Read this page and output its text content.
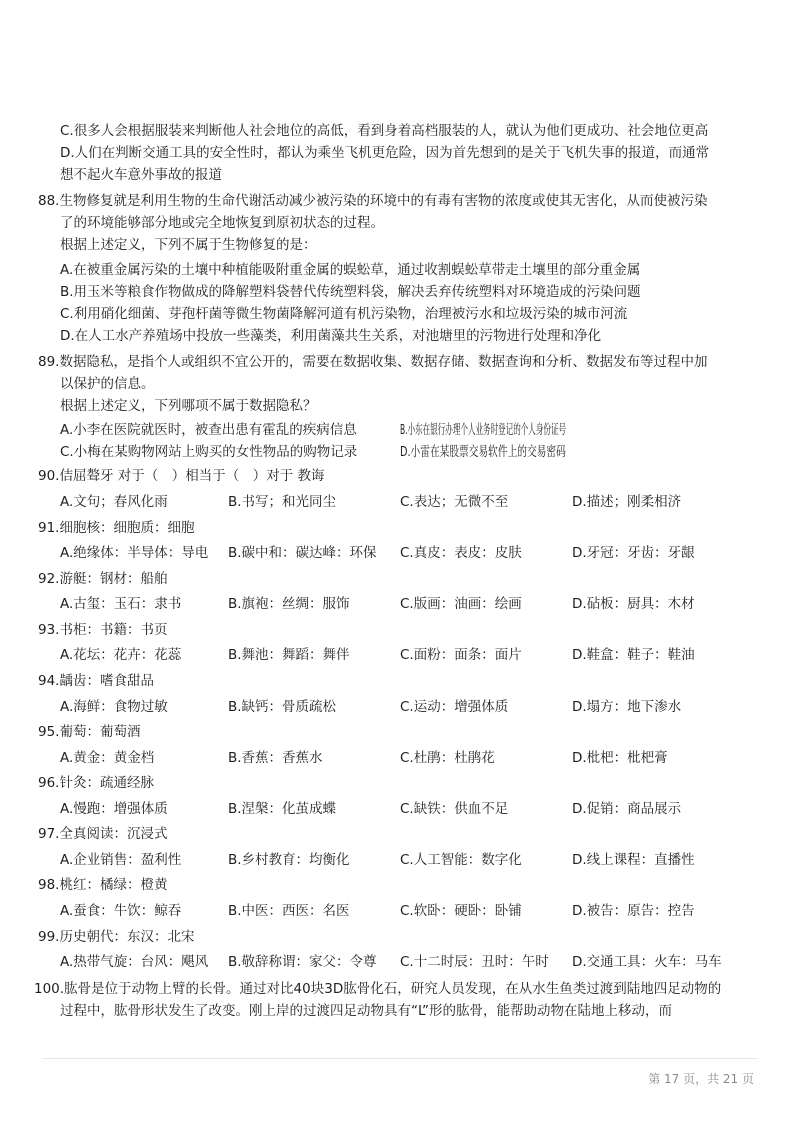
C.很多人会根据服装来判断他人社会地位的高低，看到身着高档服装的人，就认为他们更成功、社会地位更高
D.人们在判断交通工具的安全性时，都认为乘坐飞机更危险，因为首先想到的是关于飞机失事的报道，而通常
想不起火车意外事故的报道
88.生物修复就是利用生物的生命代谢活动减少被污染的环境中的有毒有害物的浓度或使其无害化，从而使被污染
了的环境能够部分地或完全地恢复到原初状态的过程。
根据上述定义，下列不属于生物修复的是：
A.在被重金属污染的土壤中种植能吸附重金属的蜈蚣草，通过收割蜈蚣草带走土壤里的部分重金属
B.用玉米等粮食作物做成的降解塑料袋替代传统塑料袋，解决丢弃传统塑料对环境造成的污染问题
C.利用硝化细菌、芽孢杆菌等微生物菌降解河道有机污染物，治理被污水和垃圾污染的城市河流
D.在人工水产养殖场中投放一些藻类，利用菌藻共生关系，对池塘里的污物进行处理和净化
89.数据隐私，是指个人或组织不宜公开的，需要在数据收集、数据存储、数据查询和分析、数据发布等过程中加
以保护的信息。
根据上述定义，下列哪项不属于数据隐私？
A.小李在医院就医时，被查出患有霍乱的疾病信息	B.小东在银行办理个人业务时登记的个人身份证号
C.小梅在某购物网站上购买的女性物品的购物记录	D.小雷在某股票交易软件上的交易密码
90.佶屈聱牙 对于（　）相当于（　）对于 教诲
A.文句；春风化雨	B.书写；和光同尘	C.表达；无微不至	D.描述；刚柔相济
91.细胞核：细胞质：细胞
A.绝缘体：半导体：导电 B.碳中和：碳达峰：环保 C.真皮：表皮：皮肤	D.牙冠：牙齿：牙龈
92.游艇：钢材：船舶
A.古玺：玉石：隶书	B.旗袍：丝绸：服饰	C.版画：油画：绘画	D.砧板：厨具：木材
93.书柜：书籍：书页
A.花坛：花卉：花蕊	B.舞池：舞蹈：舞伴	C.面粉：面条：面片	D.鞋盒：鞋子：鞋油
94.龋齿：嗜食甜品
A.海鲜：食物过敏	B.缺钙：骨质疏松	C.运动：增强体质	D.塌方：地下渗水
95.葡萄：葡萄酒
A.黄金：黄金档	B.香蕉：香蕉水	C.杜鹃：杜鹃花	D.枇杷：枇杷膏
96.针灸：疏通经脉
A.慢跑：增强体质	B.涅槃：化茧成蝶	C.缺铁：供血不足	D.促销：商品展示
97.全真阅读：沉浸式
A.企业销售：盈利性	B.乡村教育：均衡化	C.人工智能：数字化	D.线上课程：直播性
98.桃红：橘绿：橙黄
A.蚕食：牛饮：鲸吞	B.中医：西医：名医	C.软卧：硬卧：卧铺	D.被告：原告：控告
99.历史朝代：东汉：北宋
A.热带气旋：台风：飓风 B.敬辞称谓：家父：令尊 C.十二时辰：丑时：午时 D.交通工具：火车：马车
100.肱骨是位于动物上臂的长骨。通过对比40块3D肱骨化石，研究人员发现，在从水生鱼类过渡到陆地四足动物的
过程中，肱骨形状发生了改变。刚上岸的过渡四足动物具有“L”形的肱骨，能帮助动物在陆地上移动，而
第 17 页，共 21 页
